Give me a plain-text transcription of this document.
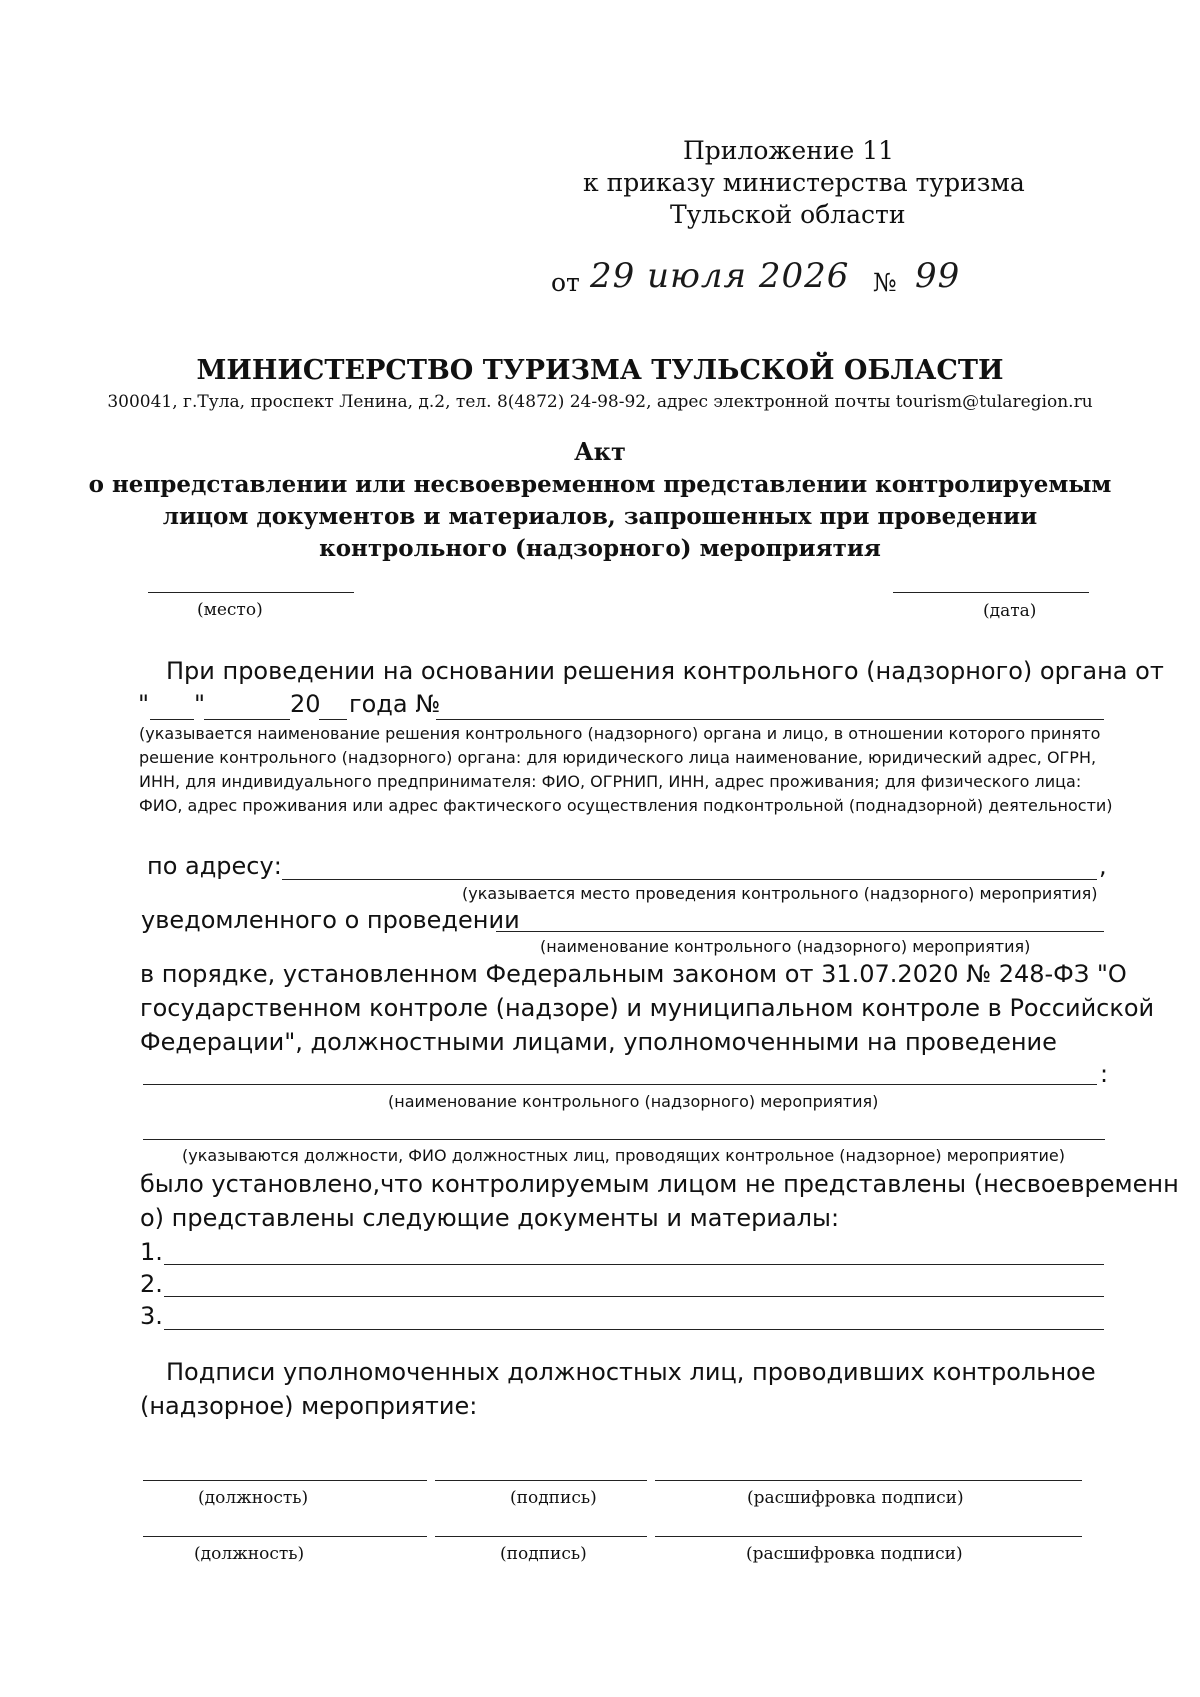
Приложение 11
к приказу министерства туризма
Тульской области
от 29 июля 2026 № 99
МИНИСТЕРСТВО ТУРИЗМА ТУЛЬСКОЙ ОБЛАСТИ
300041, г.Тула, проспект Ленина, д.2, тел. 8(4872) 24-98-92, адрес электронной почты tourism@tularegion.ru
Акт
о непредставлении или несвоевременном представлении контролируемым
лицом документов и материалов, запрошенных при проведении
контрольного (надзорного) мероприятия
(место)	(дата)
При проведении на основании решения контрольного (надзорного) органа от
" "	20 года №
(указывается наименование решения контрольного (надзорного) органа и лицо, в отношении которого принято
решение контрольного (надзорного) органа: для юридического лица наименование, юридический адрес, ОГРН,
ИНН, для индивидуального предпринимателя: ФИО, ОГРНИП, ИНН, адрес проживания; для физического лица:
ФИО, адрес проживания или адрес фактического осуществления подконтрольной (поднадзорной) деятельности)
по адресу:	,
(указывается место проведения контрольного (надзорного) мероприятия)
уведомленного о проведении
(наименование контрольного (надзорного) мероприятия)
в порядке, установленном Федеральным законом от 31.07.2020 № 248-ФЗ "О
государственном контроле (надзоре) и муниципальном контроле в Российской
Федерации", должностными лицами, уполномоченными на проведение
:
(наименование контрольного (надзорного) мероприятия)
(указываются должности, ФИО должностных лиц, проводящих контрольное (надзорное) мероприятие)
было установлено,что контролируемым лицом не представлены (несвоевременн
о) представлены следующие документы и материалы:
1.
2.
3.
Подписи уполномоченных должностных лиц, проводивших контрольное
(надзорное) мероприятие:
(должность)	(подпись)	(расшифровка подписи)
(должность)	(подпись)	(расшифровка подписи)
